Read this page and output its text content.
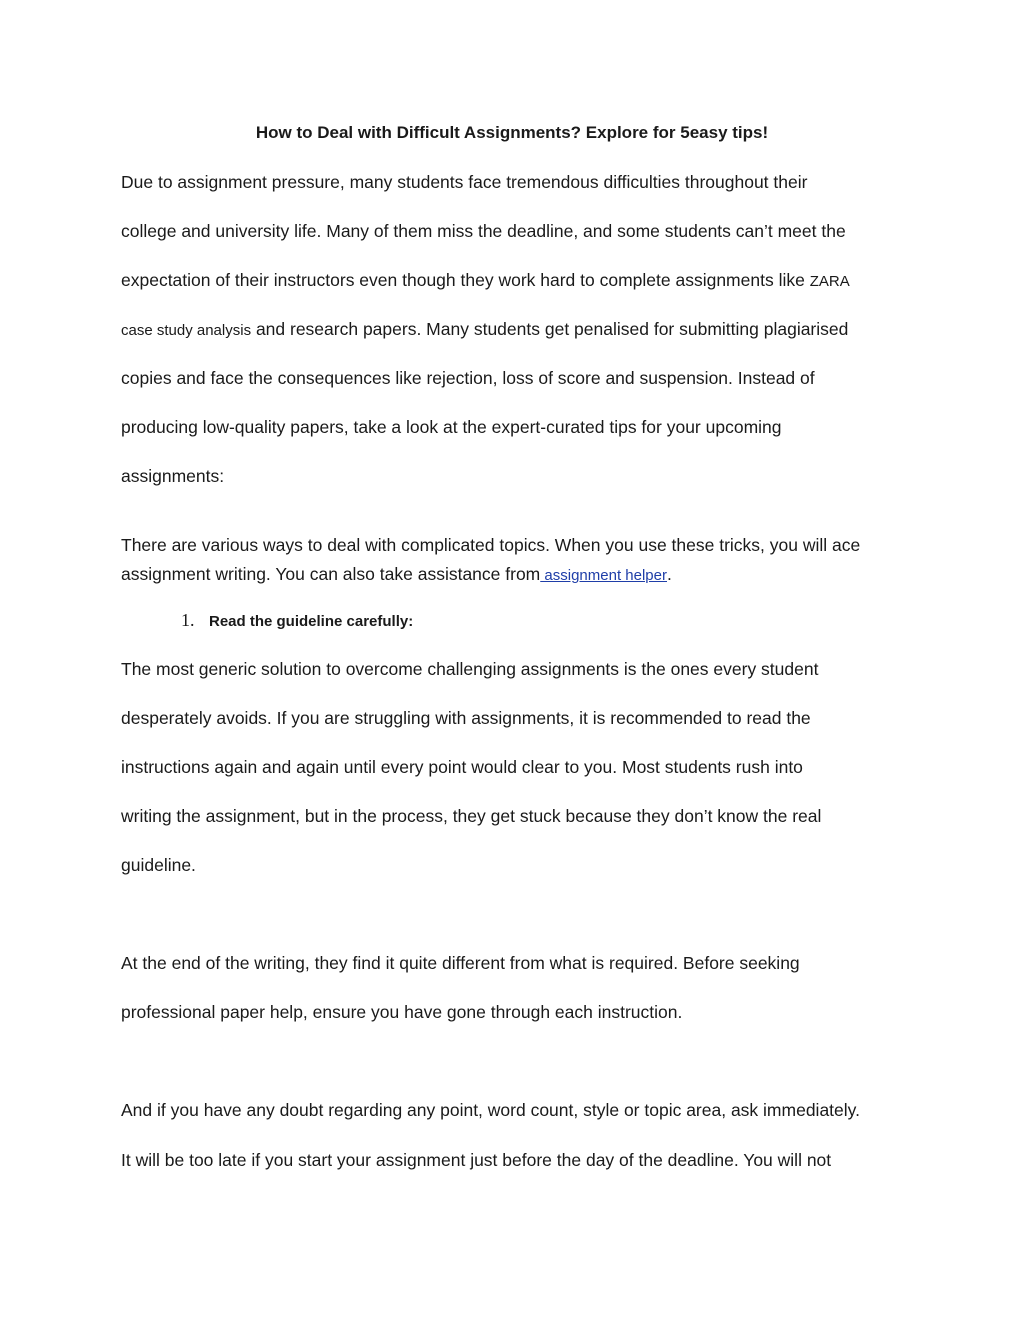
How to Deal with Difficult Assignments? Explore for 5easy tips!

Due to assignment pressure, many students face tremendous difficulties throughout their

college and university life. Many of them miss the deadline, and some students can’t meet the

expectation of their instructors even though they work hard to complete assignments like ZARA

case study analysis and research papers. Many students get penalised for submitting plagiarised

copies and face the consequences like rejection, loss of score and suspension. Instead of

producing low-quality papers, take a look at the expert-curated tips for your upcoming

assignments:

There are various ways to deal with complicated topics. When you use these tricks, you will ace

assignment writing. You can also take assistance from assignment helper.

1. Read the guideline carefully:

The most generic solution to overcome challenging assignments is the ones every student

desperately avoids. If you are struggling with assignments, it is recommended to read the

instructions again and again until every point would clear to you. Most students rush into

writing the assignment, but in the process, they get stuck because they don’t know the real

guideline.

At the end of the writing, they find it quite different from what is required. Before seeking

professional paper help, ensure you have gone through each instruction.

And if you have any doubt regarding any point, word count, style or topic area, ask immediately.

It will be too late if you start your assignment just before the day of the deadline. You will not
